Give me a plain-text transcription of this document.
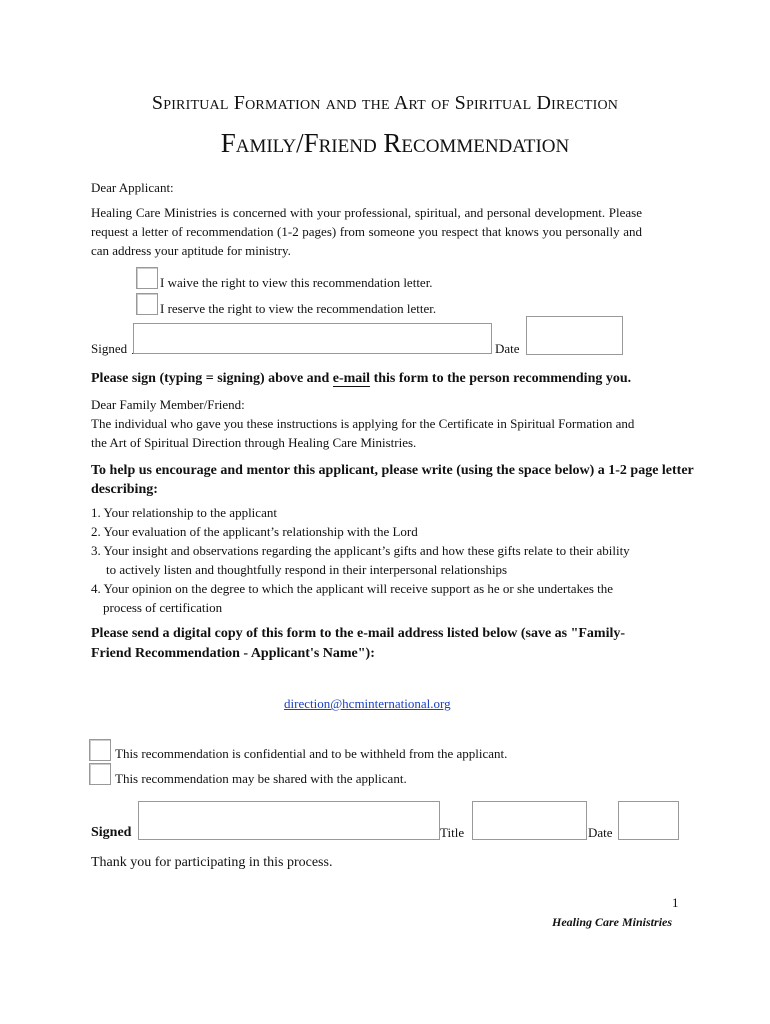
Spiritual Formation and the Art of Spiritual Direction
Family/Friend Recommendation
Dear Applicant:
Healing Care Ministries is concerned with your professional, spiritual, and personal development. Please request a letter of recommendation (1-2 pages) from someone you respect that knows you personally and can address your aptitude for ministry.
I waive the right to view this recommendation letter.
I reserve the right to view the recommendation letter.
Signed	Date
Please sign (typing = signing) above and e-mail this form to the person recommending you.
Dear Family Member/Friend:
The individual who gave you these instructions is applying for the Certificate in Spiritual Formation and
the Art of Spiritual Direction through Healing Care Ministries.
To help us encourage and mentor this applicant, please write (using the space below) a 1-2 page letter
describing:
1. Your relationship to the applicant
2. Your evaluation of the applicant’s relationship with the Lord
3. Your insight and observations regarding the applicant’s gifts and how these gifts relate to their ability
to actively listen and thoughtfully respond in their interpersonal relationships
4. Your opinion on the degree to which the applicant will receive support as he or she undertakes the
process of certification
Please send a digital copy of this form to the e-mail address listed below (save as "Family-
Friend Recommendation - Applicant's Name"):
direction@hcminternational.org
This recommendation is confidential and to be withheld from the applicant.
This recommendation may be shared with the applicant.
Signed	Title	Date
Thank you for participating in this process.
1
Healing Care Ministries
